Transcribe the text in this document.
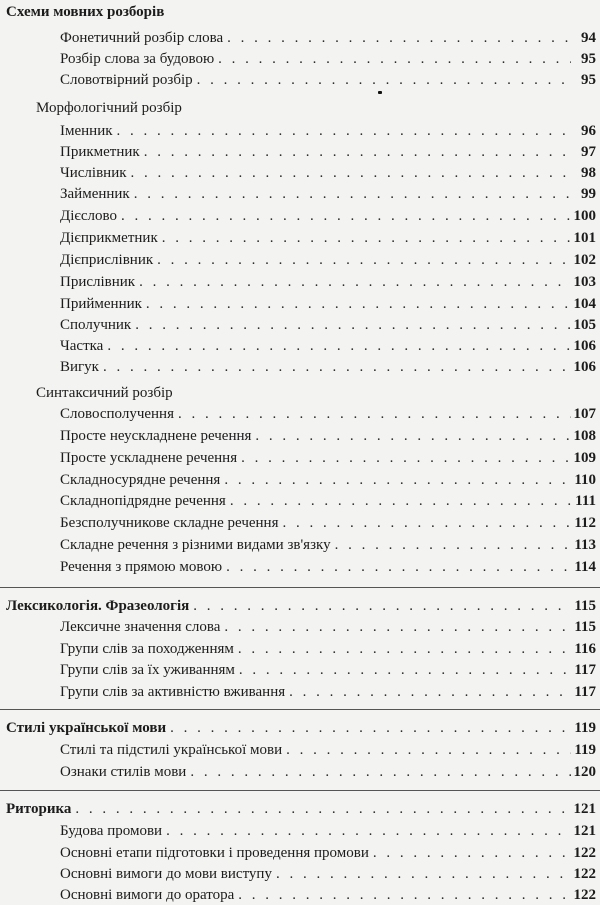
Схеми мовних розборів
Фонетичний розбір слова . . .	94
Розбір слова за будовою . . .	95
Словотвірний розбір . . .	95
Морфологічний розбір
Іменник . . .	96
Прикметник . . .	97
Числівник . . .	98
Займенник . . .	99
Дієслово . . .	100
Дієприкметник . . .	101
Дієприслівник . . .	102
Прислівник . . .	103
Прийменник . . .	104
Сполучник . . .	105
Частка . . .	106
Вигук . . .	106
Синтаксичний розбір
Словосполучення . . .	107
Просте неускладнене речення . . .	108
Просте ускладнене речення . . .	109
Складносурядне речення . . .	110
Складнопідрядне речення . . .	111
Безсполучникове складне речення . . .	112
Складне речення з різними видами зв'язку . . .	113
Речення з прямою мовою . . .	114
Лексикологія. Фразеологія . . .	115
Лексичне значення слова . . .	115
Групи слів за походженням . . .	116
Групи слів за їх уживанням . . .	117
Групи слів за активністю вживання . . .	117
Стилі української мови . . .	119
Стилі та підстилі української мови . . .	119
Ознаки стилів мови . . .	120
Риторика . . .	121
Будова промови . . .	121
Основні етапи підготовки і проведення промови . . .	122
Основні вимоги до мови виступу . . .	122
Основні вимоги до оратора . . .	122
